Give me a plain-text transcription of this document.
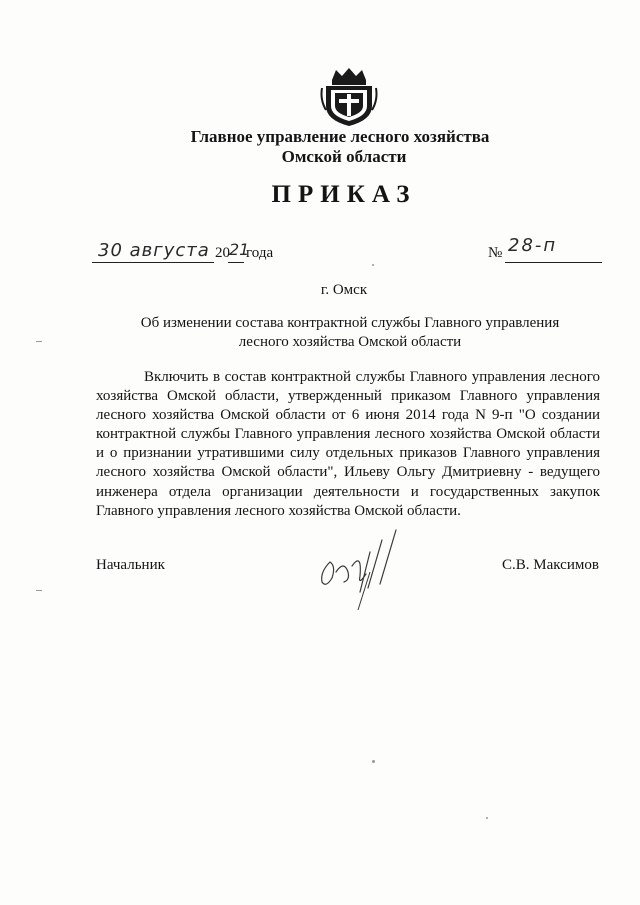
Главное управление лесного хозяйства
Омской области
ПРИКАЗ
30 августа 20 21
года	№ 28-п
г. Омск
Об изменении состава контрактной службы Главного управления
лесного хозяйства Омской области
Включить в состав контрактной службы Главного управления лесного
хозяйства Омской области, утвержденный приказом Главного управления
лесного хозяйства Омской области от 6 июня 2014 года N 9-п "О создании
контрактной службы Главного управления лесного хозяйства Омской области
и о признании утратившими силу отдельных приказов Главного управления
лесного хозяйства Омской области", Ильеву Ольгу Дмитриевну - ведущего
инженера отдела организации деятельности и государственных закупок
Главного управления лесного хозяйства Омской области.
Начальник	С.В. Максимов
